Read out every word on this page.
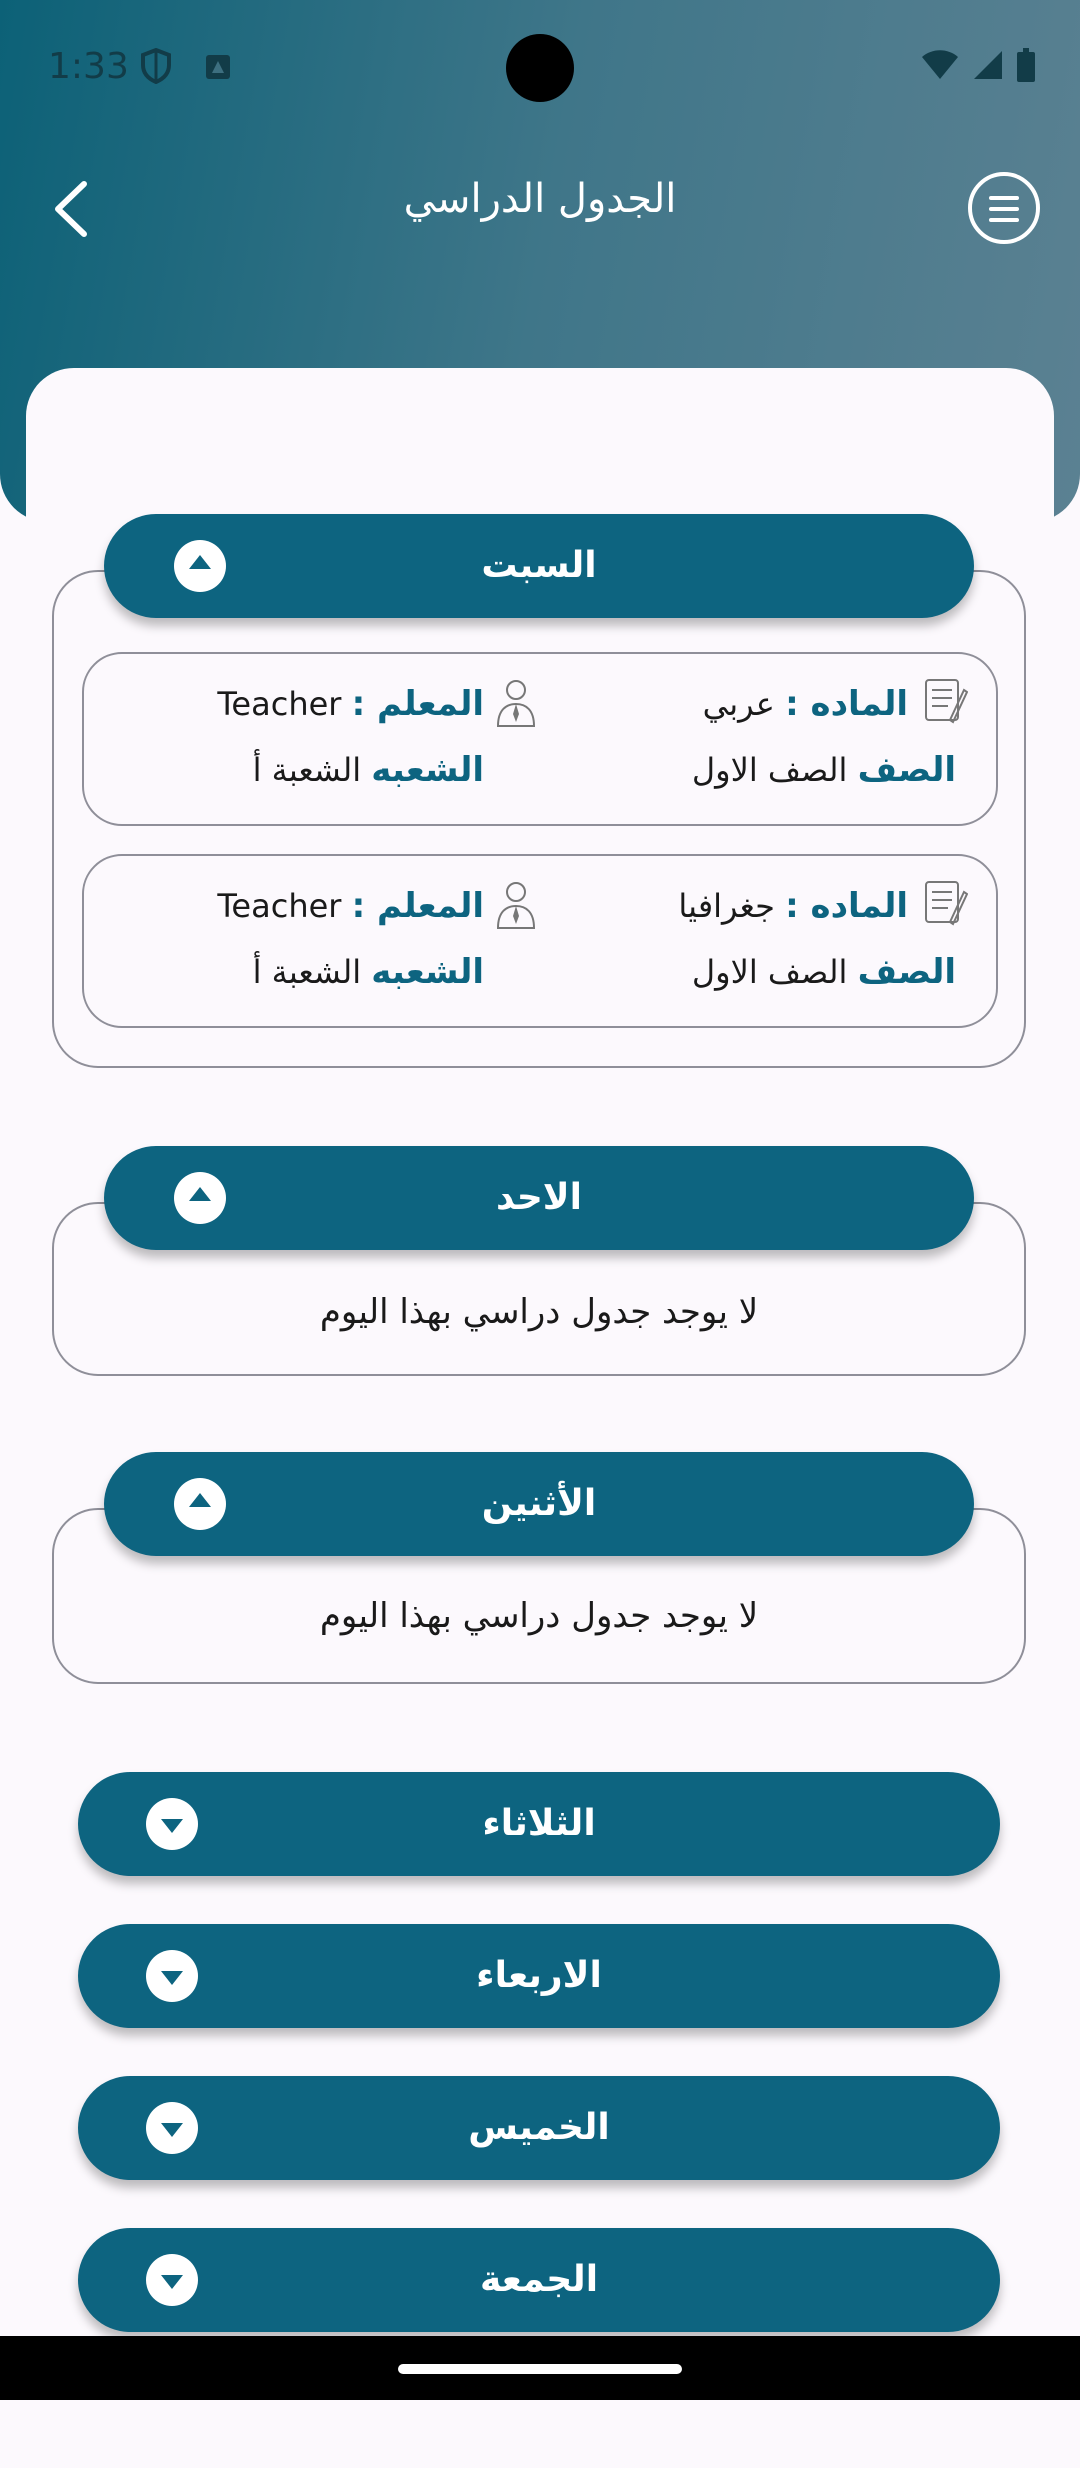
1:33
الجدول الدراسي
السبت
الماده : عربي
المعلم : Teacher
الصف الصف الاول
الشعبه الشعبة أ
الماده : جغرافيا
المعلم : Teacher
الصف الصف الاول
الشعبه الشعبة أ
لا يوجد جدول دراسي بهذا اليوم
الاحد
لا يوجد جدول دراسي بهذا اليوم
الأثنين
الثلاثاء
الاربعاء
الخميس
الجمعة
